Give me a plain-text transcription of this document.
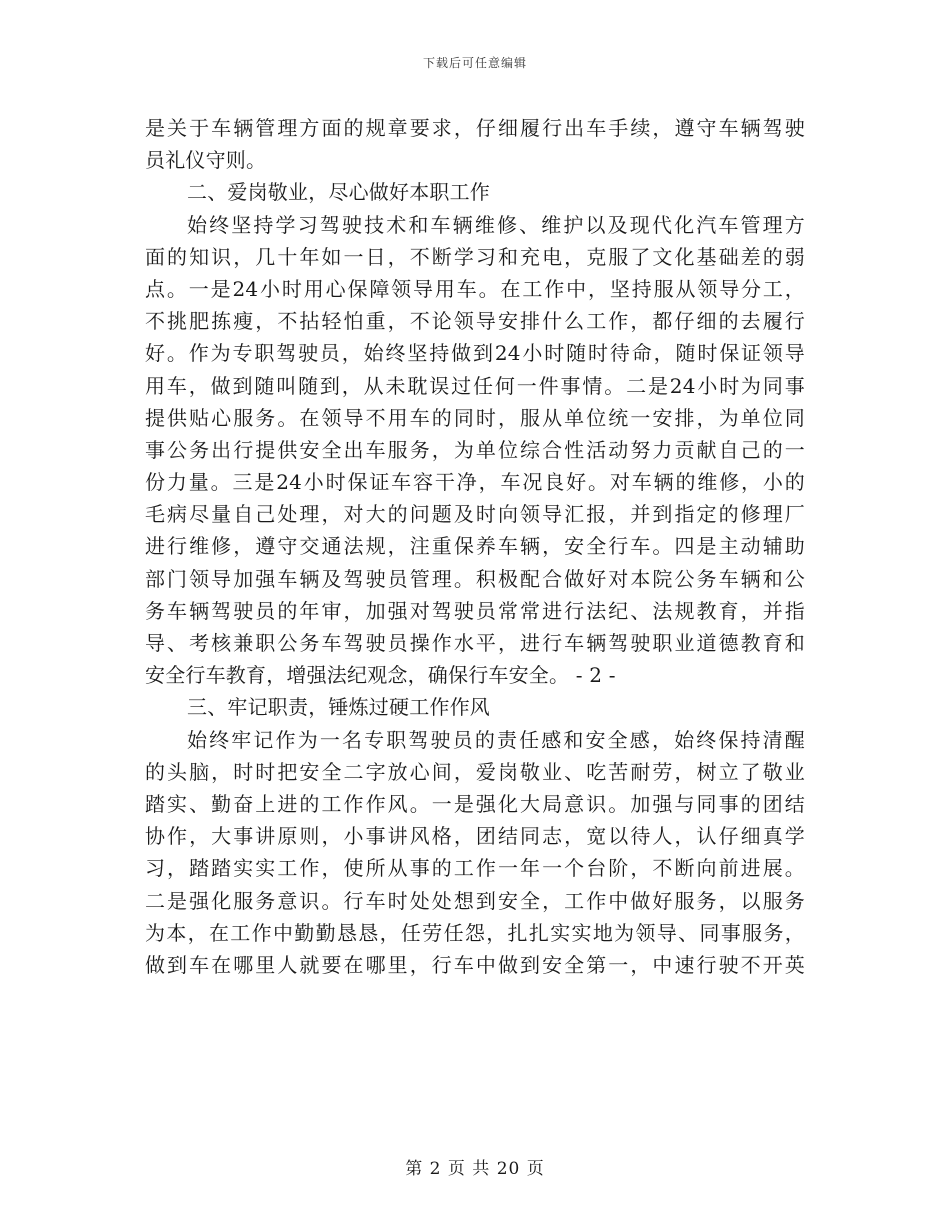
下载后可任意编辑
是关于车辆管理方面的规章要求，仔细履行出车手续，遵守车辆驾驶
员礼仪守则。
二、爱岗敬业，尽心做好本职工作
始终坚持学习驾驶技术和车辆维修、维护以及现代化汽车管理方
面的知识，几十年如一日，不断学习和充电，克服了文化基础差的弱
点。一是24小时用心保障领导用车。在工作中，坚持服从领导分工，
不挑肥拣瘦，不拈轻怕重，不论领导安排什么工作，都仔细的去履行
好。作为专职驾驶员，始终坚持做到24小时随时待命，随时保证领导
用车，做到随叫随到，从未耽误过任何一件事情。二是24小时为同事
提供贴心服务。在领导不用车的同时，服从单位统一安排，为单位同
事公务出行提供安全出车服务，为单位综合性活动努力贡献自己的一
份力量。三是24小时保证车容干净，车况良好。对车辆的维修，小的
毛病尽量自己处理，对大的问题及时向领导汇报，并到指定的修理厂
进行维修，遵守交通法规，注重保养车辆，安全行车。四是主动辅助
部门领导加强车辆及驾驶员管理。积极配合做好对本院公务车辆和公
务车辆驾驶员的年审，加强对驾驶员常常进行法纪、法规教育，并指
导、考核兼职公务车驾驶员操作水平，进行车辆驾驶职业道德教育和
安全行车教育，增强法纪观念，确保行车安全。 - 2 -
三、牢记职责，锤炼过硬工作作风
始终牢记作为一名专职驾驶员的责任感和安全感，始终保持清醒
的头脑，时时把安全二字放心间，爱岗敬业、吃苦耐劳，树立了敬业
踏实、勤奋上进的工作作风。一是强化大局意识。加强与同事的团结
协作，大事讲原则，小事讲风格，团结同志，宽以待人，认仔细真学
习，踏踏实实工作，使所从事的工作一年一个台阶，不断向前进展。
二是强化服务意识。行车时处处想到安全，工作中做好服务，以服务
为本，在工作中勤勤恳恳，任劳任怨，扎扎实实地为领导、同事服务，
做到车在哪里人就要在哪里，行车中做到安全第一，中速行驶不开英
第 2 页 共 20 页
